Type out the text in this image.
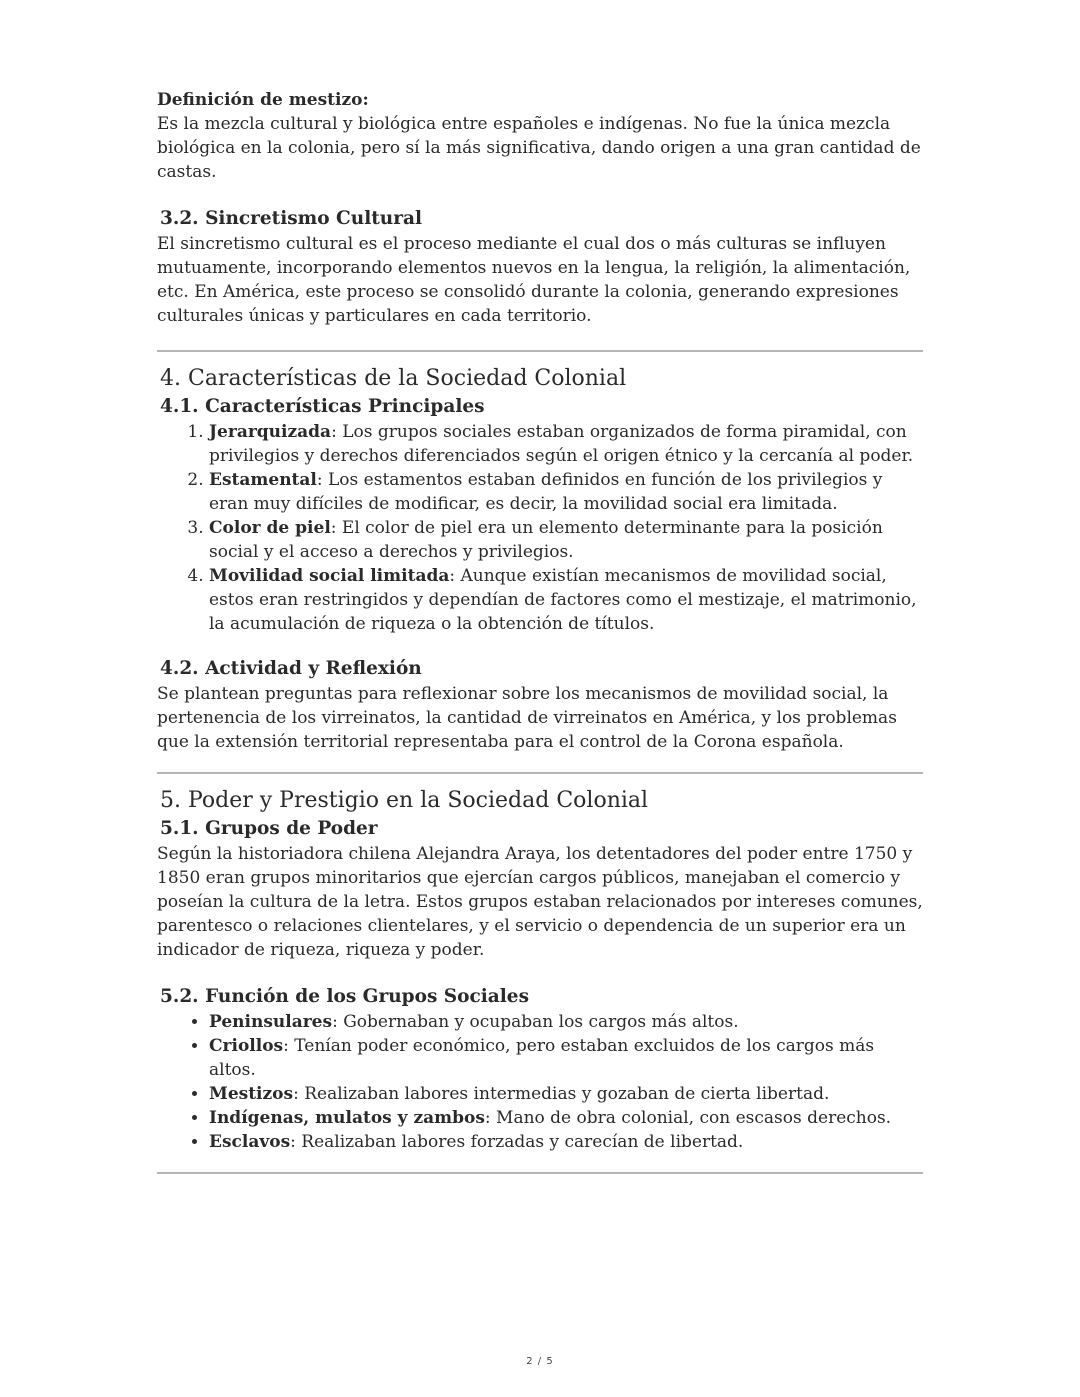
Definición de mestizo:

Es la mezcla cultural y biológica entre españoles e indígenas. No fue la única mezcla biológica en la colonia, pero sí la más significativa, dando origen a una gran cantidad de castas.

3.2. Sincretismo Cultural

El sincretismo cultural es el proceso mediante el cual dos o más culturas se influyen mutuamente, incorporando elementos nuevos en la lengua, la religión, la alimentación, etc. En América, este proceso se consolidó durante la colonia, generando expresiones culturales únicas y particulares en cada territorio.

4. Características de la Sociedad Colonial
4.1. Características Principales
1. Jerarquizada: Los grupos sociales estaban organizados de forma piramidal, con privilegios y derechos diferenciados según el origen étnico y la cercanía al poder.
2. Estamental: Los estamentos estaban definidos en función de los privilegios y eran muy difíciles de modificar, es decir, la movilidad social era limitada.
3. Color de piel: El color de piel era un elemento determinante para la posición social y el acceso a derechos y privilegios.
4. Movilidad social limitada: Aunque existían mecanismos de movilidad social, estos eran restringidos y dependían de factores como el mestizaje, el matrimonio, la acumulación de riqueza o la obtención de títulos.
4.2. Actividad y Reflexión

Se plantean preguntas para reflexionar sobre los mecanismos de movilidad social, la pertenencia de los virreinatos, la cantidad de virreinatos en América, y los problemas que la extensión territorial representaba para el control de la Corona española.

5. Poder y Prestigio en la Sociedad Colonial
5.1. Grupos de Poder

Según la historiadora chilena Alejandra Araya, los detentadores del poder entre 1750 y 1850 eran grupos minoritarios que ejercían cargos públicos, manejaban el comercio y poseían la cultura de la letra. Estos grupos estaban relacionados por intereses comunes, parentesco o relaciones clientelares, y el servicio o dependencia de un superior era un indicador de riqueza, riqueza y poder.

5.2. Función de los Grupos Sociales
• Peninsulares: Gobernaban y ocupaban los cargos más altos.
• Criollos: Tenían poder económico, pero estaban excluidos de los cargos más altos.
• Mestizos: Realizaban labores intermedias y gozaban de cierta libertad.
• Indígenas, mulatos y zambos: Mano de obra colonial, con escasos derechos.
• Esclavos: Realizaban labores forzadas y carecían de libertad.
2 / 5
